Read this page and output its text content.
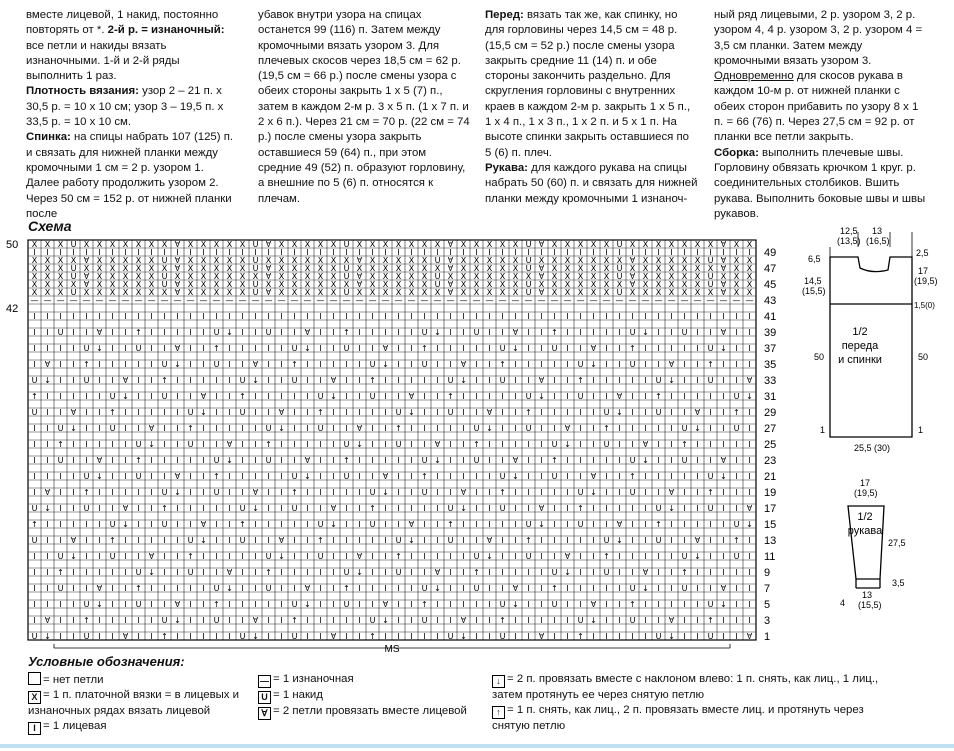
вместе лицевой, 1 накид, постоянно повторять от *. 2-й р. = изнаночный: все петли и накиды вязать изнаночными. 1-й и 2-й ряды выполнить 1 раз.

Плотность вязания: узор 2 – 21 п. х 30,5 р. = 10 х 10 см; узор 3 – 19,5 п. х 33,5 р. = 10 х 10 см.

Спинка: на спицы набрать 107 (125) п. и связать для нижней планки между кромочными 1 см = 2 р. узором 1. Далее работу продолжить узором 2. Через 50 см = 152 р. от нижней планки после

убавок внутри узора на спицах останется 99 (116) п. Затем между кромочными вязать узором 3. Для плечевых скосов через 18,5 см = 62 р. (19,5 см = 66 р.) после смены узора с обеих стороны закрыть 1 х 5 (7) п., затем в каждом 2-м р. 3 х 5 п. (1 х 7 п. и 2 х 6 п.). Через 21 см = 70 р. (22 см = 74 р.) после смены узора закрыть оставшиеся 59 (64) п., при этом средние 49 (52) п. образуют горловину, а внешние по 5 (6) п. относятся к плечам.

Перед: вязать так же, как спинку, но для горловины через 14,5 см = 48 р. (15,5 см = 52 р.) после смены узора закрыть средние 11 (14) п. и обе стороны закончить раздельно. Для скругления горловины с внутренних краев в каждом 2-м р. закрыть 1 х 5 п., 1 х 4 п., 1 х 3 п., 1 х 2 п. и 5 х 1 п. На высоте спинки закрыть оставшиеся по 5 (6) п. плеч.

Рукава: для каждого рукава на спицы набрать 50 (60) п. и связать для нижней планки между кромочными 1 изнаноч-

ный ряд лицевыми, 2 р. узором 3, 2 р. узором 4, 4 р. узором 3, 2 р. узором 4 = 3,5 см планки. Затем между кромочными вязать узором 3. Одновременно для скосов рукава в каждом 10-м р. от нижней планки с обеих сторон прибавить по узору 8 х 1 п. = 66 (76) п. Через 27,5 см = 92 р. от планки все петли закрыть.

Сборка: выполнить плечевые швы. Горловину обвязать крючком 1 круг. р. соединительных столбиков. Вшить рукава. Выполнить боковые швы и швы рукавов.

Схема
X X X U X X X X X X X ∀ X X X X X U ∀ X X X X X U X X X X X X X ∀ X X X X X U ∀ X X X X X U X X X X X X X ∀ X X
I I I I I I I I I I I I I I I I I I I I I I I I I I I I I I I I I I I I I I I I I I I I I I I I I I I I I I I I
X X X X ∀ X X X X X U ∀ X X X X X U X X X X X X X ∀ X X X X X U ∀ X X X X X U X X X X X X X ∀ X X X X X U ∀ X X
X X X U X X X X X X X ∀ X X X X X U ∀ X X X X X U X X X X X X X ∀ X X X X X U ∀ X X X X X U X X X X X X X ∀ X X
X X X U ∀ X X X X X U X X X X X X X ∀ X X X X X U ∀ X X X X X U X X X X X X X ∀ X X X X X U ∀ X X X X X U X X X
X X X X ∀ X X X X X U ∀ X X X X X U X X X X X X X ∀ X X X X X U ∀ X X X X X U X X X X X X X ∀ X X X X X U ∀ X X
X X X U X X X X X X X ∀ X X X X X U ∀ X X X X X U X X X X X X X ∀ X X X X X U ∀ X X X X X U X X X X X X X ∀ X X
— — — — — — — — — — — — — — — — — — — — — — — — — — — — — — — — — — — — — — — — — — — — — — — — — — — — — — — —
I I I I I I I I I I I I I I I I I I I I I I I I I I I I I I I I I I I I I I I I I I I I I I I I I I I I I I I I
I I U I I ∀ I I ↑ I I I I I U ↓ I I U I I ∀ I I ↑ I I I I I U ↓ I I U I I ∀ I I ↑ I I I I I U ↓ I I U I I ∀ I I
I I I I U ↓ I I U I I ∀ I I ↑ I I I I I U ↓ I I U I I ∀ I I ↑ I I I I I U ↓ I I U I I ∀ I I ↑ I I I I I U ↓ I I
I ∀ I I ↑ I I I I I U ↓ I I U I I ∀ I I ↑ I I I I I U ↓ I I U I I ∀ I I ↑ I I I I I U ↓ I I U I I ∀ I I ↑ I I I
U ↓ I I U I I ∀ I I ↑ I I I I I U ↓ I I U I I ∀ I I ↑ I I I I I U ↓ I I U I I ∀ I I ↑ I I I I I U ↓ I I U I I ∀
↑ I I I I I U ↓ I I U I I ∀ I I ↑ I I I I I U ↓ I I U I I ∀ I I ↑ I I I I I U ↓ I I U I I ∀ I I ↑ I I I I I U ↓
U I I ∀ I I ↑ I I I I I U ↓ I I U I I ∀ I I ↑ I I I I I U ↓ I I U I I ∀ I I ↑ I I I I I U ↓ I I U I I ∀ I I ↑ I
I I U ↓ I I U I I ∀ I I ↑ I I I I I U ↓ I I U I I ∀ I I ↑ I I I I I U ↓ I I U I I ∀ I I ↑ I I I I I U ↓ I I U I
I I ↑ I I I I I U ↓ I I U I I ∀ I I ↑ I I I I I U ↓ I I U I I ∀ I I ↑ I I I I I U ↓ I I U I I ∀ I I ↑ I I I I I
I I U I I ∀ I I ↑ I I I I I U ↓ I I U I I ∀ I I ↑ I I I I I U ↓ I I U I I ∀ I I ↑ I I I I I U ↓ I I U I I ∀ I I
I I I I U ↓ I I U I I ∀ I I ↑ I I I I I U ↓ I I U I I ∀ I I ↑ I I I I I U ↓ I I U I I ∀ I I ↑ I I I I I U ↓ I I
I ∀ I I ↑ I I I I I U ↓ I I U I I ∀ I I ↑ I I I I I U ↓ I I U I I ∀ I I ↑ I I I I I U ↓ I I U I I ∀ I I ↑ I I I
U ↓ I I U I I ∀ I I ↑ I I I I I U ↓ I I U I I ∀ I I ↑ I I I I I U ↓ I I U I I ∀ I I ↑ I I I I I U ↓ I I U I I ∀
↑ I I I I I U ↓ I I U I I ∀ I I ↑ I I I I I U ↓ I I U I I ∀ I I ↑ I I I I I U ↓ I I U I I ∀ I I ↑ I I I I I U ↓
U I I ∀ I I ↑ I I I I I U ↓ I I U I I ∀ I I ↑ I I I I I U ↓ I I U I I ∀ I I ↑ I I I I I U ↓ I I U I I ∀ I I ↑ I
I I U ↓ I I U I I ∀ I I ↑ I I I I I U ↓ I I U I I ∀ I I ↑ I I I I I U ↓ I I U I I ∀ I I ↑ I I I I I U ↓ I I U I
I I ↑ I I I I I U ↓ I I U I I ∀ I I ↑ I I I I I U ↓ I I U I I ∀ I I ↑ I I I I I U ↓ I I U I I ∀ I I ↑ I I I I I
I I U I I ∀ I I ↑ I I I I I U ↓ I I U I I ∀ I I ↑ I I I I I U ↓ I I U I I ∀ I I ↑ I I I I I U ↓ I I U I I ∀ I I
I I I I U ↓ I I U I I ∀ I I ↑ I I I I I U ↓ I I U I I ∀ I I ↑ I I I I I U ↓ I I U I I ∀ I I ↑ I I I I I U ↓ I I
I ∀ I I ↑ I I I I I U ↓ I I U I I ∀ I I ↑ I I I I I U ↓ I I U I I ∀ I I ↑ I I I I I U ↓ I I U I I ∀ I I ↑ I I I
U ↓ I I U I I ∀ I I ↑ I I I I I U ↓ I I U I I ∀ I I ↑ I I I I I U ↓ I I U I I ∀ I I ↑ I I I I I U ↓ I I U I I ∀
49
47
45
43
41
39
37
35
33
31
29
27
25
23
21
19
17
15
13
11
9
7
5
3
1
50
42
MS
12,5
(13,5)
13
(16,5)
2,5
6,5
17
(19,5)
14,5
(15,5)
1,5(0)
1/2
переда
и спинки
50	50
1	1
25,5 (30)
17
(19,5)
1/2
рукава
27,5
3,5
4
13
(15,5)
Условные обозначения:
= нет петли
X = 1 п. платочной вязки = в лицевых и изнаночных рядах вязать лицевой
I = 1 лицевая
— = 1 изнаночная
U = 1 накид
∀ = 2 петли провязать вместе лицевой
↓ = 2 п. провязать вместе с наклоном влево: 1 п. снять, как лиц., 1 лиц., затем протянуть ее через снятую петлю
↑ = 1 п. снять, как лиц., 2 п. провязать вместе лиц. и протянуть через снятую петлю
